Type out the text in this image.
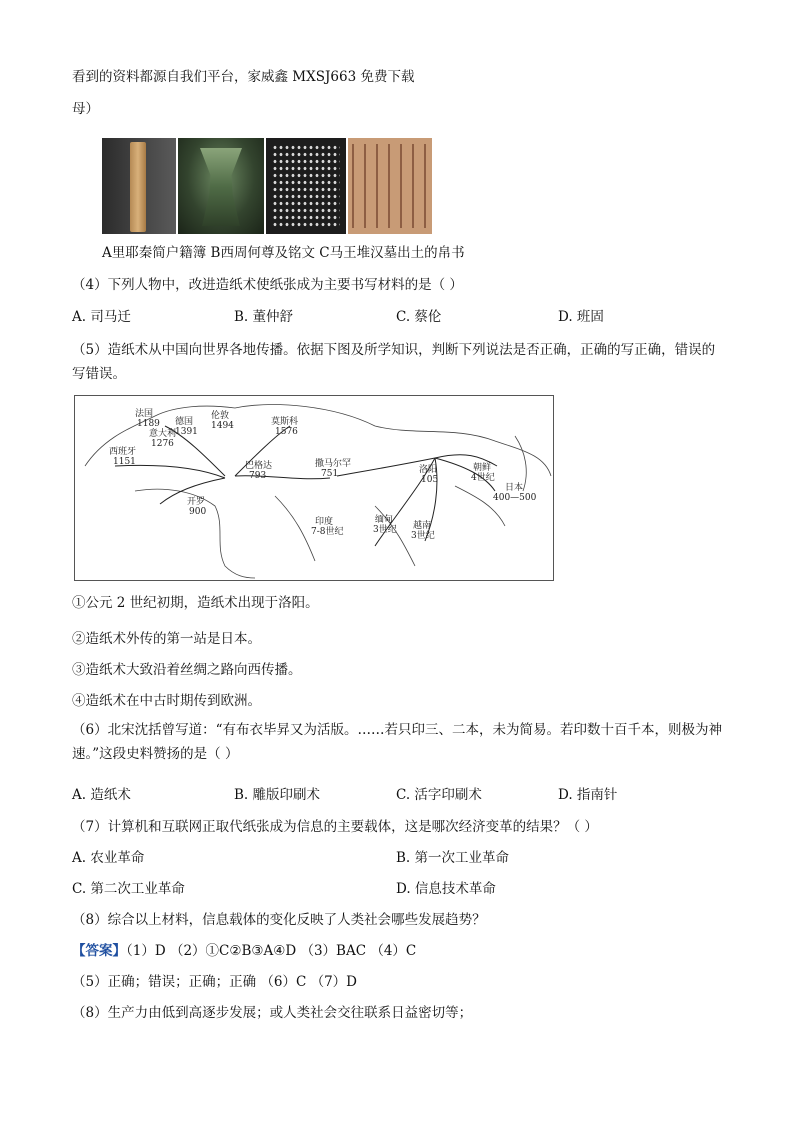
看到的资料都源自我们平台，家威鑫 MXSJ663 免费下载
母）
A里耶秦简户籍簿 B西周何尊及铭文 C马王堆汉墓出土的帛书
（4）下列人物中，改进造纸术使纸张成为主要书写材料的是（ ）
A. 司马迁	B. 董仲舒	C. 蔡伦	D. 班固
（5）造纸术从中国向世界各地传播。依据下图及所学知识，判断下列说法是否正确，正确的写正确，错误的写错误。
法国
1189 德国
1391
伦敦
1494	莫斯科
1576
意大利
1276
西班牙
1151	巴格达
793
开罗
900
撒马尔罕
751	洛阳
105
日本
400—500
印度
7-8世纪
缅甸
3世纪 越南
3世纪
朝鲜
4世纪
①公元 2 世纪初期，造纸术出现于洛阳。
②造纸术外传的第一站是日本。
③造纸术大致沿着丝绸之路向西传播。
④造纸术在中古时期传到欧洲。
（6）北宋沈括曾写道：“有布衣毕昇又为活版。……若只印三、二本，未为简易。若印数十百千本，则极为神速。”这段史料赞扬的是（ ）
A. 造纸术	B. 雕版印刷术	C. 活字印刷术	D. 指南针
（7）计算机和互联网正取代纸张成为信息的主要载体，这是哪次经济变革的结果？（ ）
A. 农业革命	B. 第一次工业革命
C. 第二次工业革命	D. 信息技术革命
（8）综合以上材料，信息载体的变化反映了人类社会哪些发展趋势？
【答案】（1）D （2）①C②B③A④D （3）BAC （4）C
（5）正确；错误；正确；正确 （6）C （7）D
（8）生产力由低到高逐步发展；或人类社会交往联系日益密切等；
